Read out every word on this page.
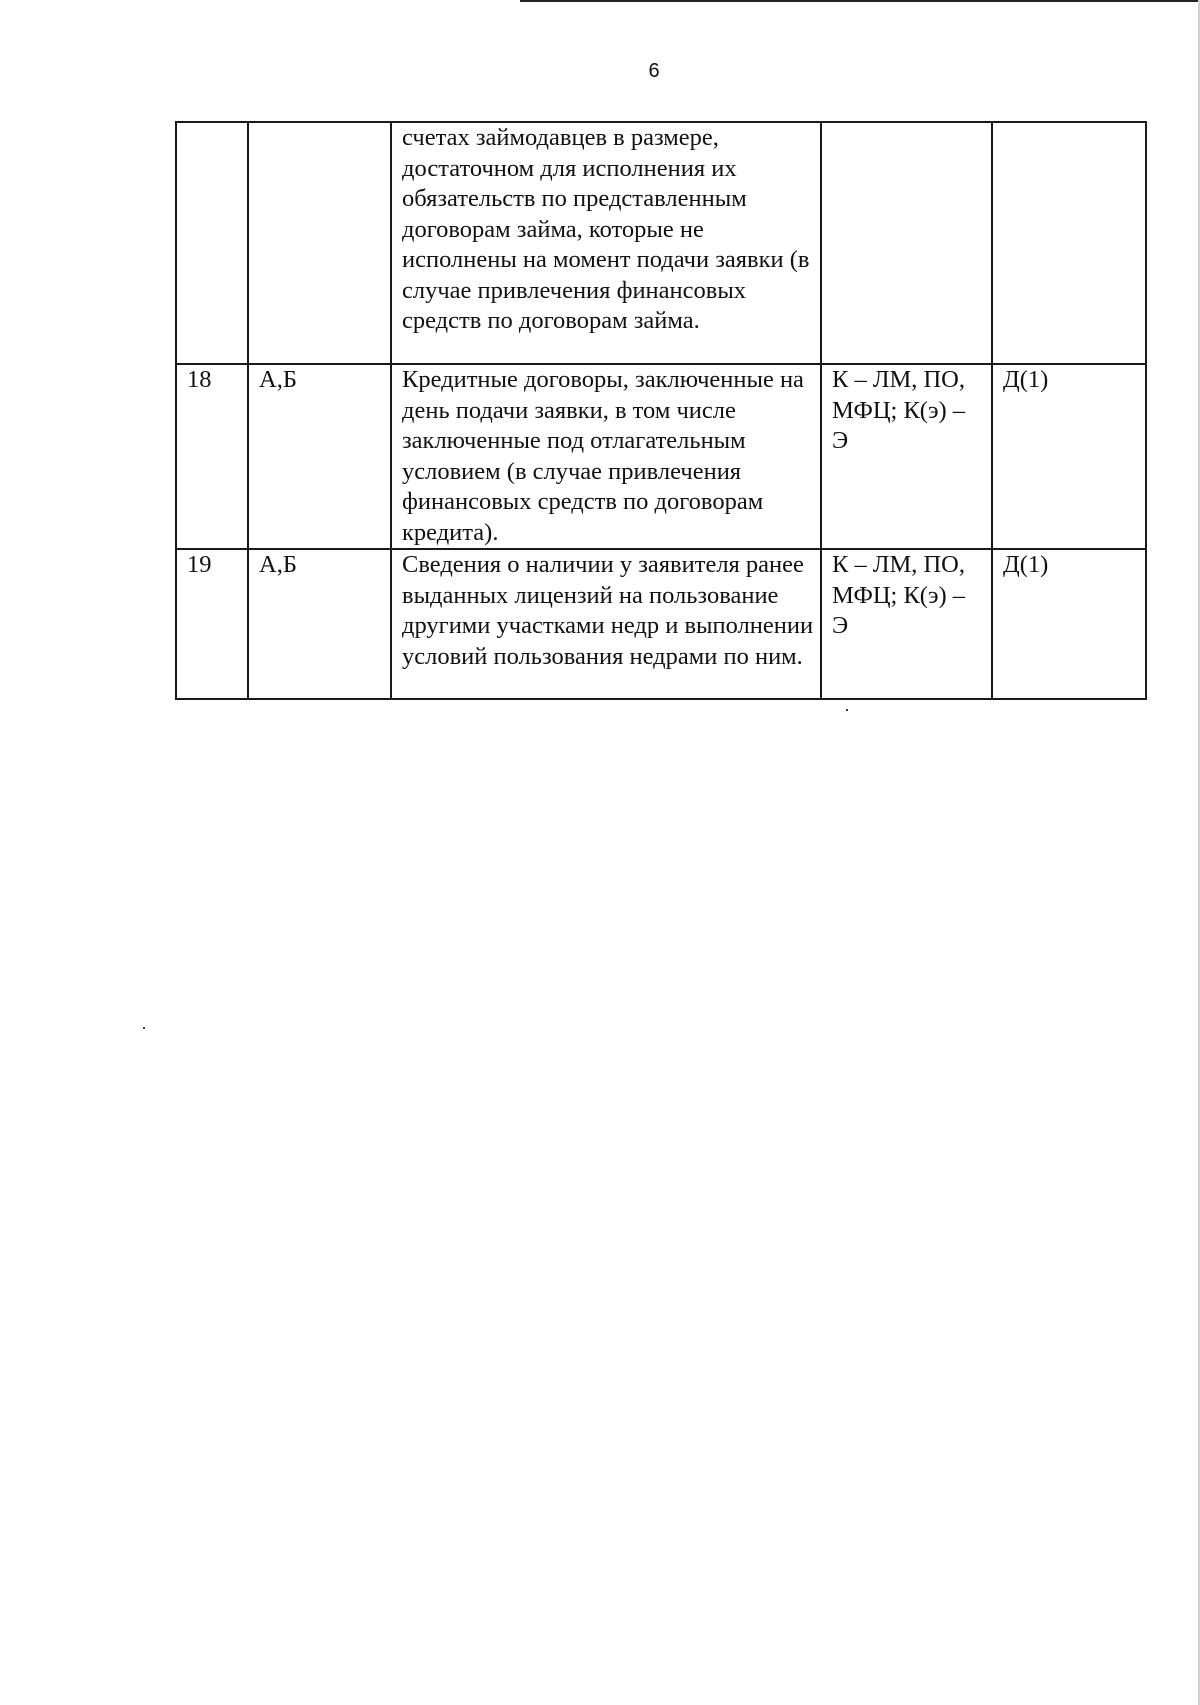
6
		счетах займодавцев в размере, достаточном для исполнения их обязательств по представленным договорам займа, которые не исполнены на момент подачи заявки (в случае привлечения финансовых средств по договорам займа.		
18	А,Б	Кредитные договоры, заключенные на день подачи заявки, в том числе заключенные под отлагательным условием (в случае привлечения финансовых средств по договорам кредита).	К – ЛМ, ПО, МФЦ; К(э) – Э	Д(1)
19	А,Б	Сведения о наличии у заявителя ранее выданных лицензий на пользование другими участками недр и выполнении условий пользования недрами по ним.	К – ЛМ, ПО, МФЦ; К(э) – Э	Д(1)
